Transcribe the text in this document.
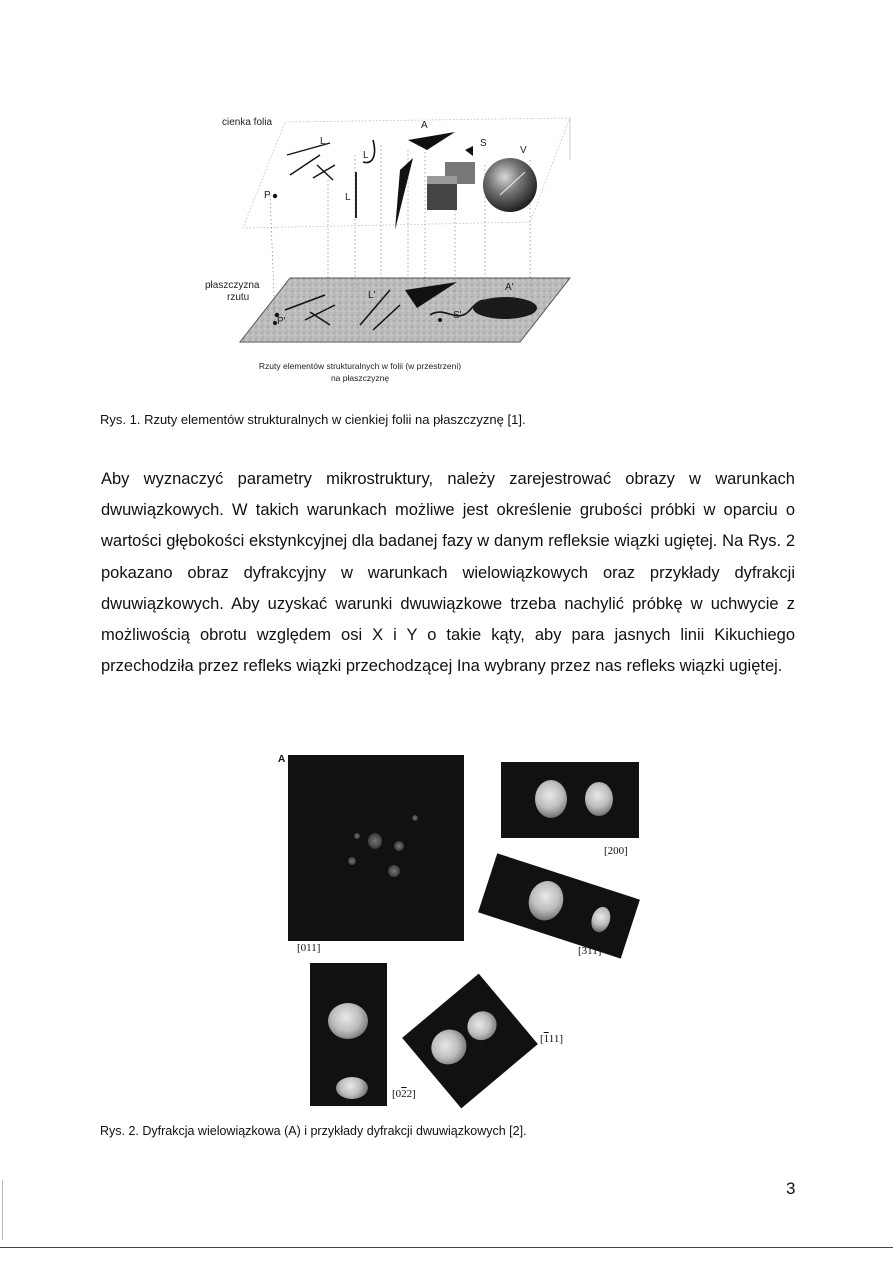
cienka folia
płaszczyzna
rzutu
A
S
V
L
L
L
P
P'
L'
A'
S'
Rzuty elementów strukturalnych w folii (w przestrzeni)
na płaszczyznę
Rys. 1. Rzuty elementów strukturalnych w cienkiej folii na płaszczyznę [1].
Aby wyznaczyć parametry mikrostruktury, należy zarejestrować obrazy w warunkach dwuwiązkowych. W takich warunkach możliwe jest określenie grubości próbki w oparciu o wartości głębokości ekstynkcyjnej dla badanej fazy w danym refleksie wiązki ugiętej. Na Rys. 2 pokazano obraz dyfrakcyjny w warunkach wielowiązkowych oraz przykłady dyfrakcji dwuwiązkowych. Aby uzyskać warunki dwuwiązkowe trzeba nachylić próbkę w uchwycie z możliwością obrotu względem osi X i Y o takie kąty, aby para jasnych linii Kikuchiego przechodziła przez refleks wiązki przechodzącej Ina wybrany przez nas refleks wiązki ugiętej.
A
[011]
[200]
[311]
[022]
[111]
Rys. 2. Dyfrakcja wielowiązkowa (A) i przykłady dyfrakcji dwuwiązkowych [2].
3
